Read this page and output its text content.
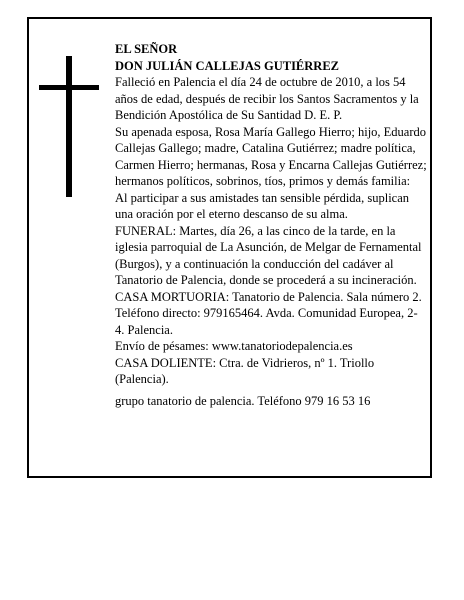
EL SEÑOR

DON JULIÁN CALLEJAS GUTIÉRREZ

Falleció en Palencia el día 24 de octubre de 2010, a los 54 años de edad, después de recibir los Santos Sacramentos y la Bendición Apostólica de Su Santidad D. E. P.

Su apenada esposa, Rosa María Gallego Hierro; hijo, Eduardo Callejas Gallego; madre, Catalina Gutiérrez; madre política, Carmen Hierro; hermanas, Rosa y Encarna Callejas Gutiérrez; hermanos políticos, sobrinos, tíos, primos y demás familia:

Al participar a sus amistades tan sensible pérdida, suplican una oración por el eterno descanso de su alma.

FUNERAL: Martes, día 26, a las cinco de la tarde, en la iglesia parroquial de La Asunción, de Melgar de Fernamental (Burgos), y a continuación la conducción del cadáver al Tanatorio de Palencia, donde se procederá a su incineración.

CASA MORTUORIA: Tanatorio de Palencia. Sala número 2. Teléfono directo: 979165464. Avda. Comunidad Europea, 2-4. Palencia.

Envío de pésames: www.tanatoriodepalencia.es

CASA DOLIENTE: Ctra. de Vidrieros, nº 1. Triollo (Palencia).

grupo tanatorio de palencia. Teléfono 979 16 53 16
